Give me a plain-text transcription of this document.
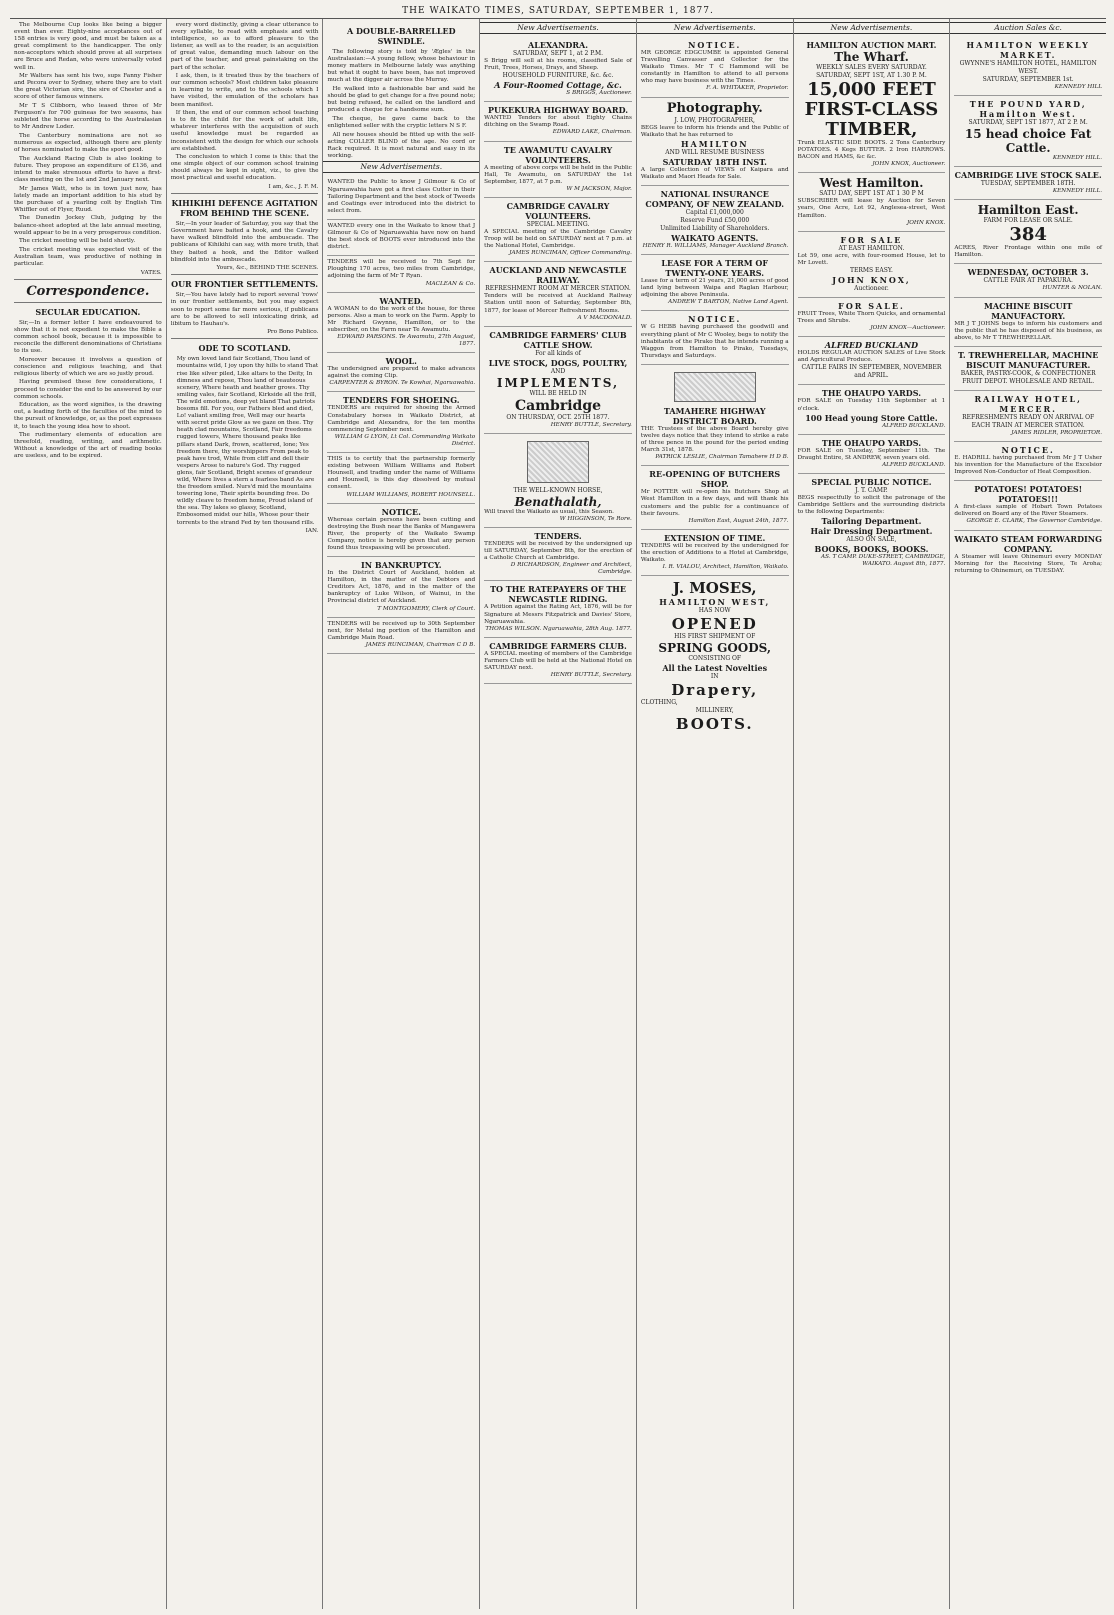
THE WAIKATO TIMES, SATURDAY, SEPTEMBER 1, 1877.

The Melbourne Cup looks like being a bigger event than ever. Eighty-nine acceptances out of 158 entries is very good, and must be taken as a great compliment to the handicapper. The only non-acceptors which should prove at all surprises are Bruce and Redan, who were universally voted well in.

Mr Walters has sent his two, sups Fanny Fisher and Pecora over to Sydney, where they are to visit the great Victorian sire, the sire of Chester and a score of other famous winners.

Mr T S Clibborn, who leased three of Mr Ferguson's for 700 guineas for two seasons, has subleted the horse according to the Australasian to Mr Andrew Loder.

The Canterbury nominations are not so numerous as expected, although there are plenty of horses nominated to make the sport good.

The Auckland Racing Club is also looking to future. They propose an expenditure of £136, and intend to make strenuous efforts to have a first-class meeting on the 1st and 2nd January next.

Mr James Watt, who is in town just now, has lately made an important addition to his stud by the purchase of a yearling colt by English Tim Whiffler out of Flyer, Ruud.

The Dunedin Jockey Club, judging by the balance-sheet adopted at the late annual meeting, would appear to be in a very prosperous condition.

The cricket meeting will be held shortly.

The cricket meeting was expected visit of the Australian team, was productive of nothing in particular.

VATES.

Correspondence.
SECULAR EDUCATION.

Sir,—In a former letter I have endeavoured to show that it is not expedient to make the Bible a common school book, because it is impossible to reconcile the different denominations of Christians to its use.

Moreover because it involves a question of conscience and religious teaching, and that religious liberty of which we are so justly proud.

Having premised these few considerations, I proceed to consider the end to be answered by our common schools.

Education, as the word signifies, is the drawing out, a leading forth of the faculties of the mind to the pursuit of knowledge, or, as the poet expresses it, to teach the young idea how to shoot.

The rudimentary elements of education are threefold, reading, writing, and arithmetic. Without a knowledge of the art of reading books are useless, and to be expired.

every word distinctly, giving a clear utterance to every syllable, to read with emphasis and with intelligence, so as to afford pleasure to the listener, as well as to the reader, is an acquisition of great value, demanding much labour on the part of the teacher, and great painstaking on the part of the scholar.

I ask, then, is it treated thus by the teachers of our common schools? Most children take pleasure in learning to write, and to the schools which I have visited, the emulation of the scholars has been manifest.

If then, the end of our common school teaching is to fit the child for the work of adult life, whatever interferes with the acquisition of such useful knowledge must be regarded as inconsistent with the design for which our schools are established.

The conclusion to which I come is this: that the one simple object of our common school training should always be kept in sight, viz., to give the most practical and useful education.

I am, &c., J. F. M.

KIHIKIHI DEFENCE AGITATION FROM BEHIND THE SCENE.

Sir,—In your leader of Saturday, you say that the Government have baited a hook, and the Cavalry have walked blindfold into the ambuscade. The publicans of Kihikihi can say, with more truth, that they baited a hook, and the Editor walked blindfold into the ambuscade.

Yours, &c., BEHIND THE SCENES.

OUR FRONTIER SETTLEMENTS.

Sir,—You have lately had to report several 'rows' in our frontier settlements, but you may expect soon to report some far more serious, if publicans are to be allowed to sell intoxicating drink, ad libitum to Hauhau's.

Pro Bono Publico.

ODE TO SCOTLAND.

My own loved land fair Scotland, Thou land of mountains wild, I joy upon thy hills to stand That rise like silver piled, Like altars to the Deity, In dimness and repose, Thou land of beauteous scenery, Where heath and heather grows. Thy smiling vales, fair Scotland, Kirkside all the frill, The wild emotions, deep yet bland That patriots bosoms fill. For you, our Fathers bled and died, Lo! valiant smiling free, Well may our hearts with secret pride Glow as we gaze on thee. Thy heath clad mountains, Scotland, Fair freedoms rugged towers, Where thousand peaks like pillars stand Dark, frown, scattered, lone; Yes freedom there, thy worshippers From peak to peak have trod, While from cliff and dell their vespers Arose to nature's God. Thy rugged glens, fair Scotland, Bright scenes of grandeur wild, Where lives a stern a fearless band As are the freedom smiled. Nurs'd mid the mountains towering lone, Their spirits bounding free. Do wildly cleave to freedom home, Proud island of the sea. Thy lakes so glassy, Scotland, Embosomed midst our hills, Whose pour their torrents to the strand Fed by ten thousand rills.

IAN.

A DOUBLE-BARRELLED SWINDLE.

The following story is told by 'Ægles' in the Australasian:—A young fellow, whose behaviour in money matters in Melbourne lately was anything but what it ought to have been, has not improved much at the digger air across the Murray.

He walked into a fashionable bar and said he should be glad to get change for a five pound note; but being refused, he called on the landlord and produced a cheque for a handsome sum.

The cheque, he gave came back to the enlightened seller with the cryptic letters N S F.

All new houses should be fitted up with the self-acting COLLER BLIND of the age. No cord or Rack required. It is most natural and easy in its working.

New Advertisements.
WANTED the Public to know J Gilmour & Co of Ngaruawahia have got a first class Cutter in their Tailoring Department and the best stock of Tweeds and Coatings ever introduced into the district to select from.
WANTED every one in the Waikato to know that J Gilmour & Co of Ngaruawahia have now on hand the best stock of BOOTS ever introduced into the district.
TENDERS will be received to 7th Sept for Ploughing 170 acres, two miles from Cambridge, adjoining the farm of Mr T Ryan.
MACLEAN & Co.
WANTED.
A WOMAN to do the work of the house, for three persons. Also a man to work on the Farm. Apply to Mr Richard Gwynne, Hamilton, or to the subscriber, on the Farm near Te Awamutu.
EDWARD PARSONS. Te Awamutu, 27th August, 1877.
WOOL.
The undersigned are prepared to make advances against the coming Clip.
CARPENTER & BYRON. Te Kowhai, Ngaruawahia.
TENDERS FOR SHOEING.
TENDERS are required for shoeing the Armed Constabulary horses in Waikato District, at Cambridge and Alexandra, for the ten months commencing September next.
WILLIAM G LYON, Lt Col. Commanding Waikato District.
THIS is to certify that the partnership formerly existing between William Williams and Robert Hounsell, and trading under the name of Williams and Hounsell, is this day dissolved by mutual consent.
WILLIAM WILLIAMS, ROBERT HOUNSELL.
NOTICE.
Whereas certain persons have been cutting and destroying the Bush near the Banks of Mangawera River, the property of the Waikato Swamp Company, notice is hereby given that any person found thus trespassing will be prosecuted.
IN BANKRUPTCY.
In the District Court of Auckland, holden at Hamilton, in the matter of the Debtors and Creditors Act, 1876, and in the matter of the bankruptcy of Luke Wilson, of Wainui, in the Provincial district of Auckland.
T MONTGOMERY, Clerk of Court.
TENDERS will be received up to 30th September next, for Metal ing portion of the Hamilton and Cambridge Main Road.
JAMES RUNCIMAN, Chairman C D B.
New Advertisements.
ALEXANDRA.
SATURDAY, SEPT 1, at 2 P.M.
S Brigg will sell at his rooms, classified Sale of Fruit, Trees, Horses, Drays, and Sheep.
HOUSEHOLD FURNITURE, &c. &c.
A Four-Roomed Cottage, &c.
S BRIGGS, Auctioneer.
PUKEKURA HIGHWAY BOARD.
WANTED Tenders for about Eighty Chains ditching on the Swamp Road.
EDWARD LAKE, Chairman.
TE AWAMUTU CAVALRY VOLUNTEERS.
A meeting of above corps will be held in the Public Hall, Te Awamutu, on SATURDAY the 1st September, 1877, at 7 p.m.
W M JACKSON, Major.
CAMBRIDGE CAVALRY VOLUNTEERS.
SPECIAL MEETING.
A SPECIAL meeting of the Cambridge Cavalry Troop will be held on SATURDAY next at 7 p.m. at the National Hotel, Cambridge.
JAMES RUNCIMAN, Officer Commanding.
AUCKLAND AND NEWCASTLE RAILWAY.
REFRESHMENT ROOM AT MERCER STATION.
Tenders will be received at Auckland Railway Station until noon of Saturday, September 8th, 1877, for lease of Mercer Refreshment Rooms.
A V MACDONALD.
CAMBRIDGE FARMERS' CLUB CATTLE SHOW.
For all kinds of
LIVE STOCK, DOGS, POULTRY,
AND
IMPLEMENTS,
WILL BE HELD IN
Cambridge
ON THURSDAY, OCT. 25TH 1877.
HENRY BUTTLE, Secretary.
THE WELL-KNOWN HORSE,
Benathalath,
Will travel the Waikato as usual, this Season.
W HIGGINSON, Te Rore.
TENDERS.
TENDERS will be received by the undersigned up till SATURDAY, September 8th, for the erection of a Catholic Church at Cambridge.
D RICHARDSON, Engineer and Architect, Cambridge.
TO THE RATEPAYERS OF THE NEWCASTLE RIDING.
A Petition against the Rating Act, 1876, will be for Signature at Messrs Fitzpatrick and Davies' Store, Ngaruawahia.
THOMAS WILSON. Ngaruawahia, 28th Aug. 1877.
CAMBRIDGE FARMERS CLUB.
A SPECIAL meeting of members of the Cambridge Farmers Club will be held at the National Hotel on SATURDAY next.
HENRY BUTTLE, Secretary.
New Advertisements.
NOTICE.
MR GEORGE EDGCUMBE is appointed General Travelling Canvasser and Collector for the Waikato Times. Mr T C Hammond will be constantly in Hamilton to attend to all persons who may have business with the Times.
F. A. WHITAKER, Proprietor.
Photography.
J. LOW, PHOTOGRAPHER,
BEGS leave to inform his friends and the Public of Waikato that he has returned to
HAMILTON
AND WILL RESUME BUSINESS
SATURDAY 18TH INST.
A large Collection of VIEWS of Kaipara and Waikato and Maori Heads for Sale.
NATIONAL INSURANCE COMPANY, OF NEW ZEALAND.
Capital £1,000,000
Reserve Fund £50,000
Unlimited Liability of Shareholders.
WAIKATO AGENTS.
HENRY R. WILLIAMS, Manager Auckland Branch.
LEASE FOR A TERM OF TWENTY-ONE YEARS.
Lease for a term of 21 years, 21,000 acres of good land lying between Waipa and Raglan Harbour, adjoining the above Peninsula.
ANDREW T BARTON, Native Land Agent.
NOTICE.
W G HEBB having purchased the goodwill and everything plant of Mr C Wooley, begs to notify the inhabitants of the Pirako that he intends running a Waggon from Hamilton to Pirako, Tuesdays, Thursdays and Saturdays.
TAMAHERE HIGHWAY DISTRICT BOARD.
THE Trustees of the above Board hereby give twelve days notice that they intend to strike a rate of three pence in the pound for the period ending March 31st, 1878.
PATRICK LESLIE, Chairman Tamahere H D B.
RE-OPENING OF BUTCHERS SHOP.
Mr POTTER will re-open his Butchers Shop at West Hamilton in a few days, and will thank his customers and the public for a continuance of their favours.
Hamilton East, August 24th, 1877.
EXTENSION OF TIME.
TENDERS will be received by the undersigned for the erection of Additions to a Hotel at Cambridge, Waikato.
I. R. VIALOU, Architect, Hamilton, Waikato.
J. MOSES,
HAMILTON WEST,
HAS NOW
OPENED
HIS FIRST SHIPMENT OF
SPRING GOODS,
CONSISTING OF
All the Latest Novelties
IN
Drapery,
CLOTHING,
MILLINERY,
BOOTS.
New Advertisements.
HAMILTON AUCTION MART.
The Wharf.
WEEKLY SALES EVERY SATURDAY.
SATURDAY, SEPT 1ST, AT 1.30 P. M.
15,000 FEET FIRST-CLASS TIMBER,
Trunk ELASTIC SIDE BOOTS. 2 Tons Canterbury POTATOES. 4 Kegs BUTTER. 2 Iron HARROWS. BACON and HAMS, &c &c.
JOHN KNOX, Auctioneer.
West Hamilton.
SATU DAY, SEPT 1ST AT 1 30 P M
SUBSCRIBER will lease by Auction for Seven years, One Acre, Lot 92, Anglesea-street, West Hamilton.
JOHN KNOX.
FOR SALE
AT EAST HAMILTON.
Lot 59, one acre, with four-roomed House, let to Mr Lovett.
TERMS EASY.
JOHN KNOX,
Auctioneer.
FOR SALE.
FRUIT Trees, White Thorn Quicks, and ornamental Trees and Shrubs.
JOHN KNOX—Auctioneer.
ALFRED BUCKLAND
HOLDS REGULAR AUCTION SALES of Live Stock and Agricultural Produce.
CATTLE FAIRS IN SEPTEMBER, NOVEMBER and APRIL.
THE OHAUPO YARDS.
FOR SALE on Tuesday 11th September at 1 o'clock.
100 Head young Store Cattle.
ALFRED BUCKLAND.
THE OHAUPO YARDS.
FOR SALE on Tuesday, September 11th. The Draught Entire, St ANDREW, seven years old.
ALFRED BUCKLAND.
SPECIAL PUBLIC NOTICE.
J. T. CAMP.
BEGS respectfully to solicit the patronage of the Cambridge Settlers and the surrounding districts to the following Departments:
Tailoring Department.
Hair Dressing Department.
ALSO ON SALE,
BOOKS, BOOKS, BOOKS.
AS. T CAMP. DUKE-STREET, CAMBRIDGE, WAIKATO. August 8th, 1877.
Auction Sales &c.
HAMILTON WEEKLY MARKET.
GWYNNE'S HAMILTON HOTEL, HAMILTON WEST.
SATURDAY, SEPTEMBER 1st.
KENNEDY HILL
THE POUND YARD, Hamilton West.
SATURDAY, SEPT 1ST 1877, AT 2 P. M.
15 head choice Fat Cattle.
KENNEDY HILL.
CAMBRIDGE LIVE STOCK SALE.
TUESDAY, SEPTEMBER 18TH.
KENNEDY HILL.
Hamilton East.
FARM FOR LEASE OR SALE.
384
ACRES, River Frontage within one mile of Hamilton.
WEDNESDAY, OCTOBER 3.
CATTLE FAIR AT PAPAKURA.
HUNTER & NOLAN.
MACHINE BISCUIT MANUFACTORY.
MR J T JOHNS begs to inform his customers and the public that he has disposed of his business, as above, to Mr T TREWHERELLAR.
T. TREWHERELLAR, MACHINE BISCUIT MANUFACTURER.
BAKER, PASTRY-COOK, & CONFECTIONER FRUIT DEPOT. WHOLESALE AND RETAIL.
RAILWAY HOTEL, MERCER.
REFRESHMENTS READY ON ARRIVAL OF EACH TRAIN AT MERCER STATION.
JAMES RIDLER, PROPRIETOR.
NOTICE.
E. HADRILL having purchased from Mr J T Usher his invention for the Manufacture of the Excelsior Improved Non-Conductor of Heat Composition.
POTATOES! POTATOES!
POTATOES!!!
A first-class sample of Hobart Town Potatoes delivered on Board any of the River Steamers.
GEORGE E. CLARK, The Governor Cambridge.
WAIKATO STEAM FORWARDING COMPANY.
A Steamer will leave Ohinemuri every MONDAY Morning for the Receiving Store, Te Aroha; returning to Ohinemuri, on TUESDAY.
